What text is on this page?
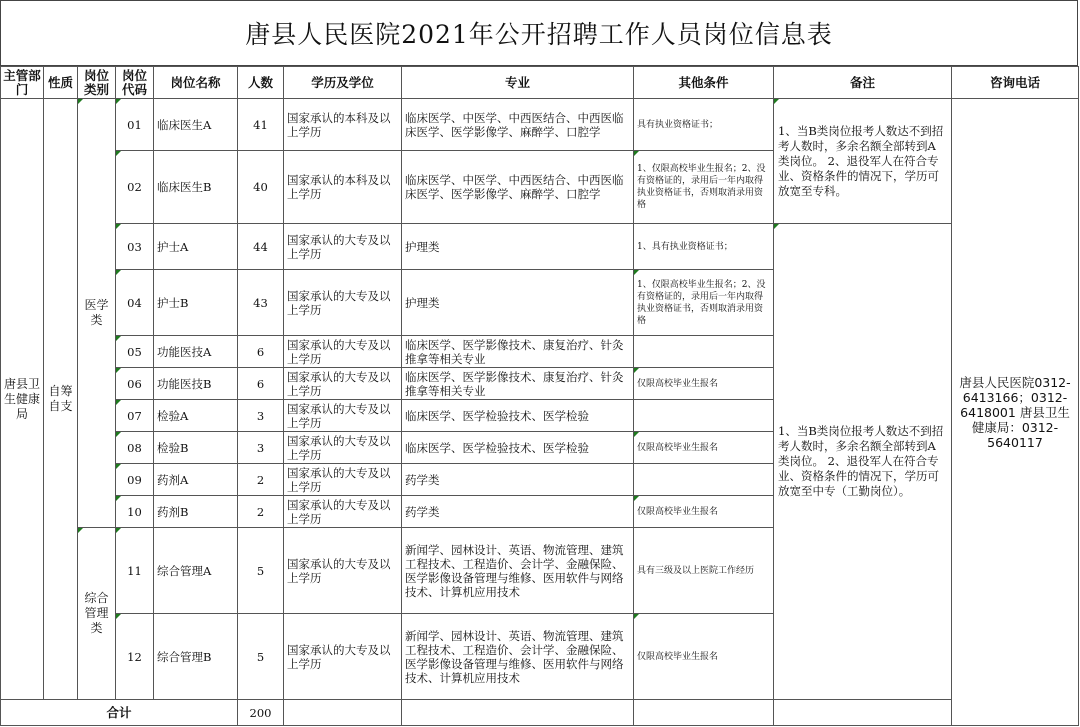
唐县人民医院2021年公开招聘工作人员岗位信息表
主管部门	性质	岗位类别	岗位代码	岗位名称	人数	学历及学位	专业	其他条件	备注	咨询电话	
唐县卫生健康局	自筹自支	医学类	01	临床医生A	41	国家承认的本科及以上学历	临床医学、中医学、中西医结合、中西医临床医学、医学影像学、麻醉学、口腔学	具有执业资格证书；	1、当B类岗位报考人数达不到招考人数时，多余名额全部转到A类岗位。 2、退役军人在符合专业、资格条件的情况下，学历可放宽至专科。	唐县人民医院0312-6413166；0312-6418001 唐县卫生健康局：0312-5640117	
			02	临床医生B	40	国家承认的本科及以上学历	临床医学、中医学、中西医结合、中西医临床医学、医学影像学、麻醉学、口腔学	1、仅限高校毕业生报名；2、没有资格证的，录用后一年内取得执业资格证书，否则取消录用资格			
			03	护士A	44	国家承认的大专及以上学历	护理类	1、具有执业资格证书；	1、当B类岗位报考人数达不到招考人数时，多余名额全部转到A类岗位。 2、退役军人在符合专业、资格条件的情况下，学历可放宽至中专（工勤岗位）。		
			04	护士B	43	国家承认的大专及以上学历	护理类	1、仅限高校毕业生报名；2、没有资格证的，录用后一年内取得执业资格证书，否则取消录用资格			
			05	功能医技A	6	国家承认的大专及以上学历	临床医学、医学影像技术、康复治疗、针灸推拿等相关专业				
			06	功能医技B	6	国家承认的大专及以上学历	临床医学、医学影像技术、康复治疗、针灸推拿等相关专业	仅限高校毕业生报名			
			07	检验A	3	国家承认的大专及以上学历	临床医学、医学检验技术、医学检验				
			08	检验B	3	国家承认的大专及以上学历	临床医学、医学检验技术、医学检验	仅限高校毕业生报名			
			09	药剂A	2	国家承认的大专及以上学历	药学类				
			10	药剂B	2	国家承认的大专及以上学历	药学类	仅限高校毕业生报名			
		综合管理类	11	综合管理A	5	国家承认的大专及以上学历	新闻学、园林设计、英语、物流管理、建筑工程技术、工程造价、会计学、金融保险、医学影像设备管理与维修、医用软件与网络技术、计算机应用技术	具有三级及以上医院工作经历			
			12	综合管理B	5	国家承认的大专及以上学历	新闻学、园林设计、英语、物流管理、建筑工程技术、工程造价、会计学、金融保险、医学影像设备管理与维修、医用软件与网络技术、计算机应用技术	仅限高校毕业生报名			
合计					200						
